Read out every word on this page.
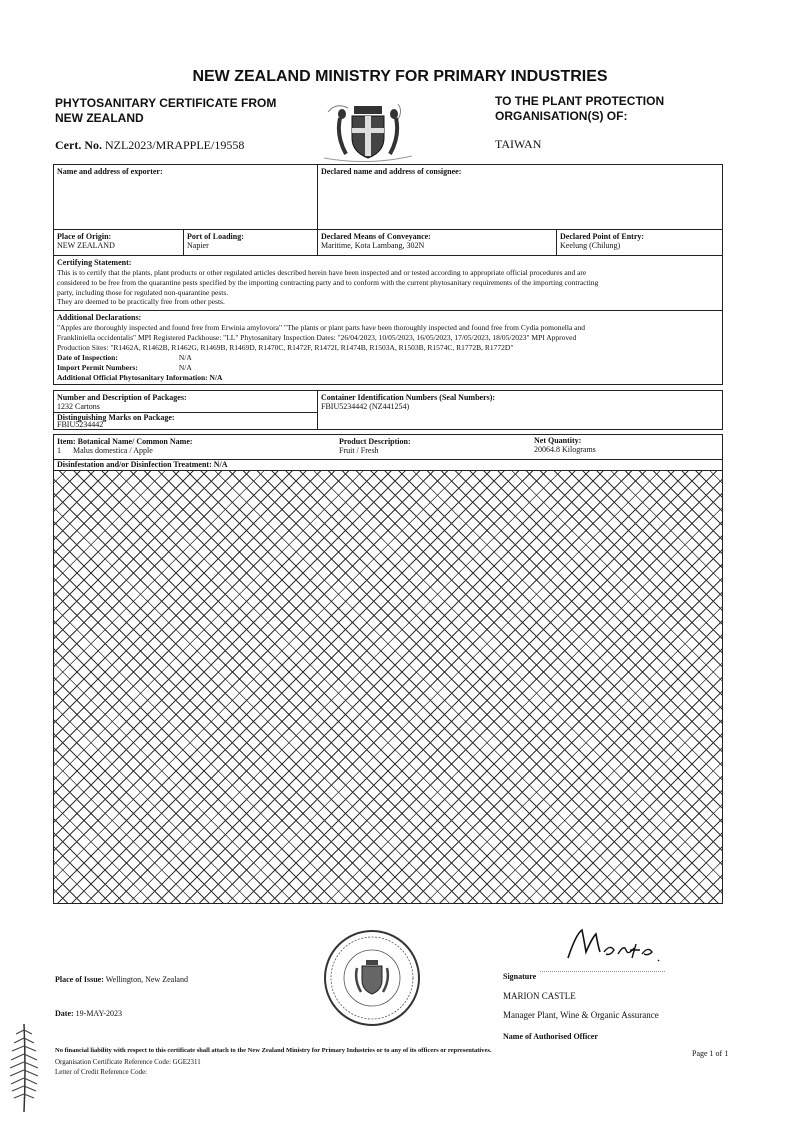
NEW ZEALAND MINISTRY FOR PRIMARY INDUSTRIES
PHYTOSANITARY CERTIFICATE FROM
NEW ZEALAND
TO THE PLANT PROTECTION
ORGANISATION(S) OF:
TAIWAN
Cert. No. NZL2023/MRAPPLE/19558
Name and address of exporter:	Declared name and address of consignee:
Place of Origin:
NEW ZEALAND
Port of Loading:
Napier
Declared Means of Conveyance:
Maritime, Kota Lambang, 302N
Declared Point of Entry:
Keelung (Chilung)
Certifying Statement:
This is to certify that the plants, plant products or other regulated articles described herein have been inspected and or tested according to appropriate official procedures and are
considered to be free from the quarantine pests specified by the importing contracting party and to conform with the current phytosanitary requirements of the importing contracting
party, including those for regulated non-quarantine pests.
They are deemed to be practically free from other pests.
Additional Declarations:
"Apples are thoroughly inspected and found free from Erwinia amylovora" "The plants or plant parts have been thoroughly inspected and found free from Cydia pomonella and
Frankliniella occidentalis" MPI Registered Packhouse: "LL" Phytosanitary Inspection Dates: "26/04/2023, 10/05/2023, 16/05/2023, 17/05/2023, 18/05/2023" MPI Approved
Production Sites: "R1462A, R1462B, R1462G, R1469B, R1469D, R1470C, R1472F, R1472I, R1474B, R1503A, R1503B, R1574C, R1772B, R1772D"
Date of Inspection:	N/A
Import Permit Numbers:	N/A
Additional Official Phytosanitary Information: N/A
Number and Description of Packages:
1232 Cartons
Container Identification Numbers (Seal Numbers):
FBIU5234442 (NZ441254)
Distinguishing Marks on Package:
FBIU5234442
Item: Botanical Name/ Common Name:
1 Malus domestica / Apple
Product Description:
Fruit / Fresh
Net Quantity:
20064.8 Kilograms
Disinfestation and/or Disinfection Treatment: N/A
Place of Issue: Wellington, New Zealand
Date: 19-MAY-2023
Signature
MARION CASTLE
Manager Plant, Wine & Organic Assurance
Name of Authorised Officer
No financial liability with respect to this certificate shall attach to the New Zealand Ministry for Primary Industries or to any of its officers or representatives.
Organisation Certificate Reference Code: GGE2311
Letter of Credit Reference Code:
Page 1 of 1
